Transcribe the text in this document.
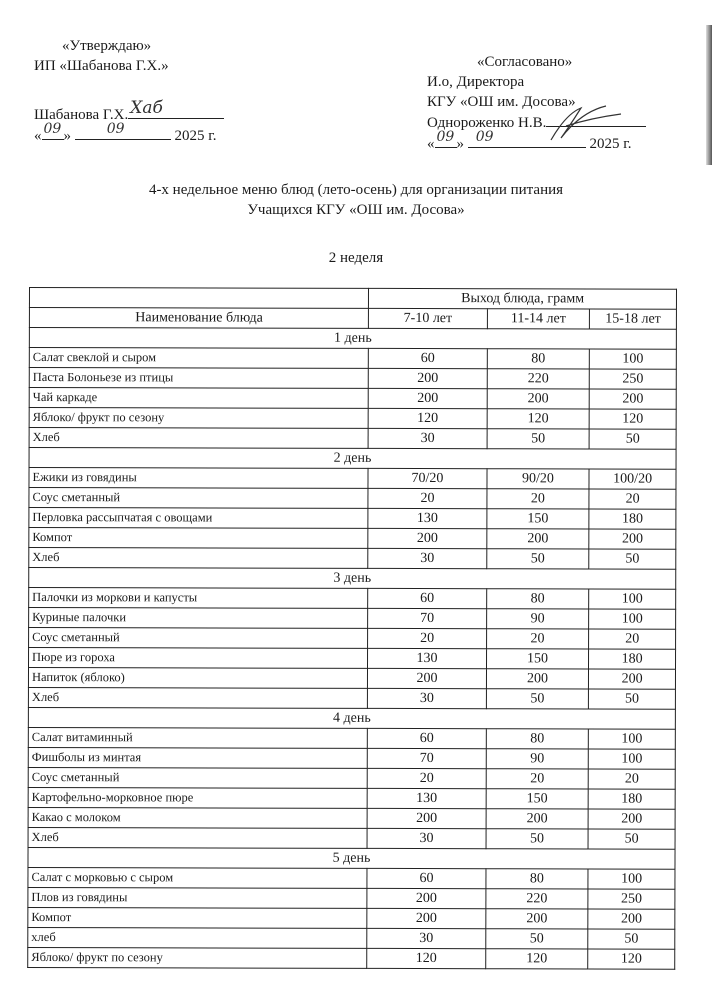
«Утверждаю»
ИП «Шабанова Г.Х.»
Шабанова Г.Х. Хаб
« 09 »	09	2025 г.
«Согласовано»
И.о, Директора
КГУ «ОШ им. Досова»
Однороженко Н.В.
« 09 » 09	2025 г.
4-х недельное меню блюд (лето-осень) для организации питания
Учащихся КГУ «ОШ им. Досова»
2 неделя
	Выход блюда, грамм		
Наименование блюда	7-10 лет	11-14 лет	15-18 лет
1 день			
Салат свеклой и сыром	60	80	100
Паста Болоньезе из птицы	200	220	250
Чай каркаде	200	200	200
Яблоко/ фрукт по сезону	120	120	120
Хлеб	30	50	50
2 день			
Ежики из говядины	70/20	90/20	100/20
Соус сметанный	20	20	20
Перловка рассыпчатая с овощами	130	150	180
Компот	200	200	200
Хлеб	30	50	50
3 день			
Палочки из моркови и капусты	60	80	100
Куриные палочки	70	90	100
Соус сметанный	20	20	20
Пюре из гороха	130	150	180
Напиток (яблоко)	200	200	200
Хлеб	30	50	50
4 день			
Салат витаминный	60	80	100
Фишболы из минтая	70	90	100
Соус сметанный	20	20	20
Картофельно-морковное пюре	130	150	180
Какао с молоком	200	200	200
Хлеб	30	50	50
5 день			
Салат с морковью с сыром	60	80	100
Плов из говядины	200	220	250
Компот	200	200	200
хлеб	30	50	50
Яблоко/ фрукт по сезону	120	120	120
